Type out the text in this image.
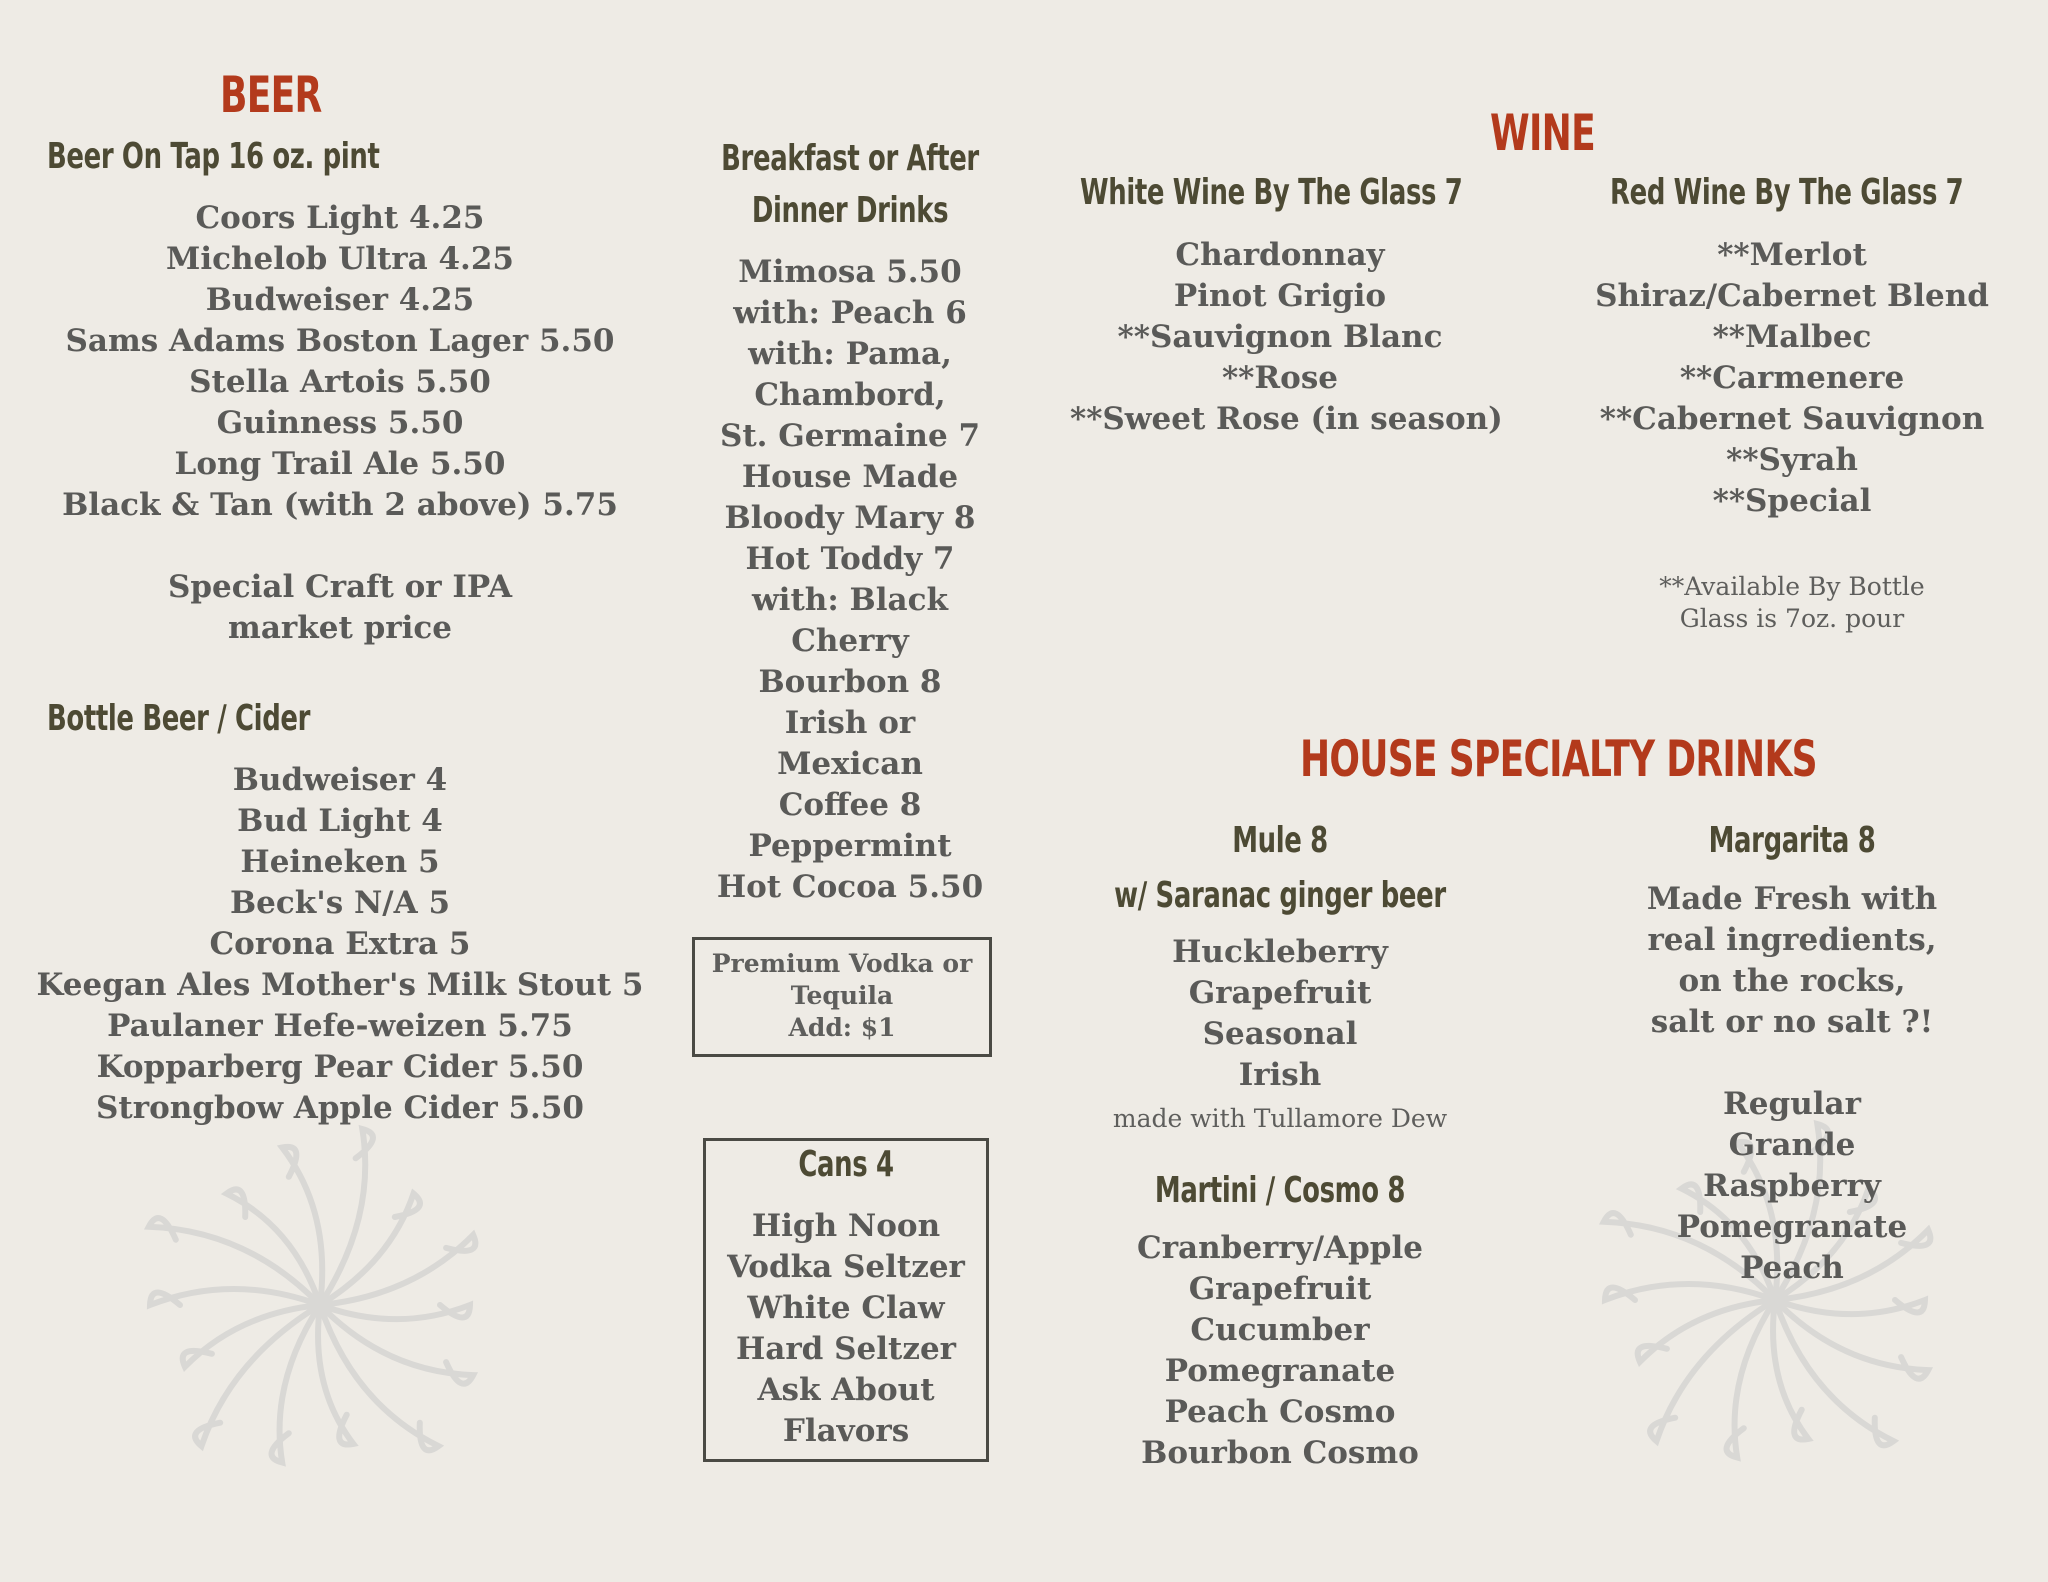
BEER
Beer On Tap 16 oz. pint
Coors Light 4.25
Michelob Ultra 4.25
Budweiser 4.25
Sams Adams Boston Lager 5.50
Stella Artois 5.50
Guinness 5.50
Long Trail Ale 5.50
Black & Tan (with 2 above) 5.75
Special Craft or IPA
market price
Bottle Beer / Cider
Budweiser 4
Bud Light 4
Heineken 5
Beck's N/A 5
Corona Extra 5
Keegan Ales Mother's Milk Stout 5
Paulaner Hefe-weizen 5.75
Kopparberg Pear Cider 5.50
Strongbow Apple Cider 5.50
Breakfast or After
Dinner Drinks
Mimosa 5.50
with: Peach 6
with: Pama,
Chambord,
St. Germaine 7
House Made
Bloody Mary 8
Hot Toddy 7
with: Black
Cherry
Bourbon 8
Irish or
Mexican
Coffee 8
Peppermint
Hot Cocoa 5.50
Premium Vodka or
Tequila
Add: $1
Cans 4
High Noon
Vodka Seltzer
White Claw
Hard Seltzer
Ask About
Flavors
WINE
White Wine By The Glass 7
Chardonnay
Pinot Grigio
**Sauvignon Blanc
**Rose
**Sweet Rose (in season)
Red Wine By The Glass 7
**Merlot
Shiraz/Cabernet Blend
**Malbec
**Carmenere
**Cabernet Sauvignon
**Syrah
**Special
**Available By Bottle
Glass is 7oz. pour
HOUSE SPECIALTY DRINKS
Mule 8
w/ Saranac ginger beer
Huckleberry
Grapefruit
Seasonal
Irish
made with Tullamore Dew
Martini / Cosmo 8
Cranberry/Apple
Grapefruit
Cucumber
Pomegranate
Peach Cosmo
Bourbon Cosmo
Margarita 8
Made Fresh with
real ingredients,
on the rocks,
salt or no salt ?!
Regular
Grande
Raspberry
Pomegranate
Peach
